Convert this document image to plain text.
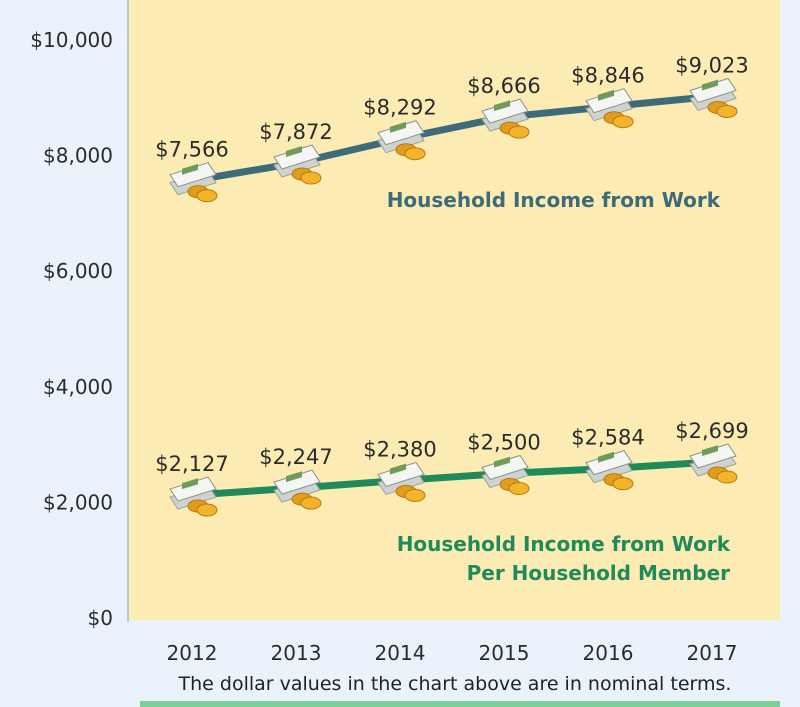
$0
$2,000
$4,000
$6,000
$8,000
$10,000
2012	2013	2014	2015	2016	2017
$7,566
$7,872
$8,292
$8,666 $8,846 $9,023
$2,127 $2,247 $2,380 $2,500 $2,584 $2,699
Household Income from Work
Household Income from Work
Per Household Member
The dollar values in the chart above are in nominal terms.
